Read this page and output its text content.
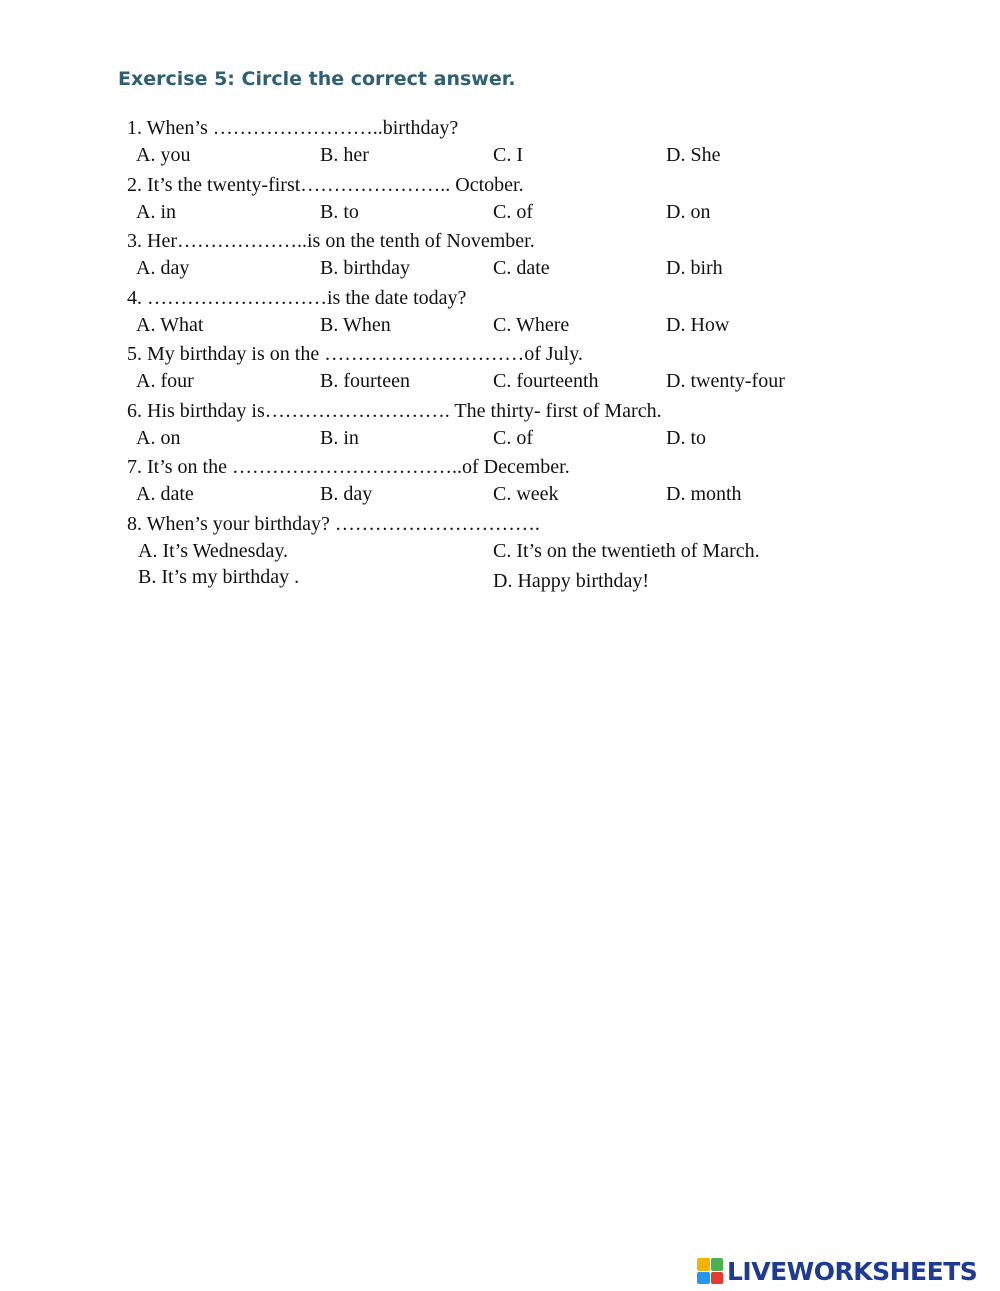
Exercise 5: Circle the correct answer.
1. When’s ……………………..birthday?
A. you	B. her	C. I	D. She
2. It’s the twenty-first………………….. October.
A. in	B. to	C. of	D. on
3. Her………………..is on the tenth of November.
A. day	B. birthday	C. date	D. birh
4. ………………………is the date today?
A. What	B. When	C. Where	D. How
5. My birthday is on the …………………………of July.
A. four	B. fourteen	C. fourteenth	D. twenty-four
6. His birthday is………………………. The thirty- first of March.
A. on	B. in	C. of	D. to
7. It’s on the ……………………………..of December.
A. date	B. day	C. week	D. month
8. When’s your birthday? ………………………….
A. It’s Wednesday.	C. It’s on the twentieth of March.
B. It’s my birthday .	D. Happy birthday!
LIVEWORKSHEETS
